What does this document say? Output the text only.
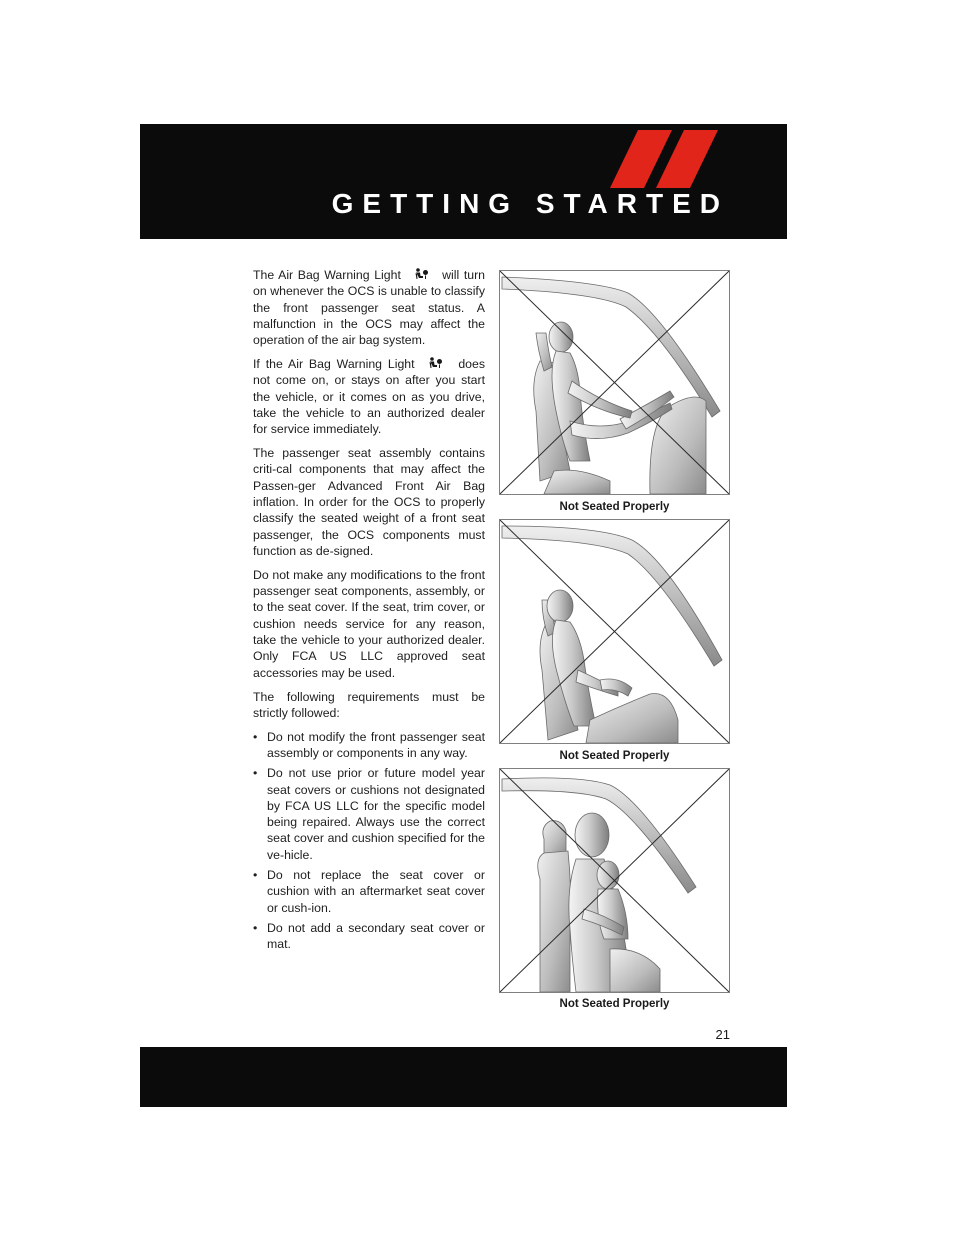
GETTING STARTED

The Air Bag Warning Light	will turn on whenever the OCS is unable to classify the front passenger seat status. A malfunction in the OCS may affect the operation of the air bag system.

If the Air Bag Warning Light	does not come on, or stays on after you start the vehicle, or it comes on as you drive, take the vehicle to an authorized dealer for service immediately.

The passenger seat assembly contains criti-cal components that may affect the Passen-ger Advanced Front Air Bag inflation. In order for the OCS to properly classify the seated weight of a front seat passenger, the OCS components must function as de-signed.

Do not make any modifications to the front passenger seat components, assembly, or to the seat cover. If the seat, trim cover, or cushion needs service for any reason, take the vehicle to your authorized dealer. Only FCA US LLC approved seat accessories may be used.

The following requirements must be strictly followed:

• Do not modify the front passenger seat assembly or components in any way.
• Do not use prior or future model year seat covers or cushions not designated by FCA US LLC for the specific model being repaired. Always use the correct seat cover and cushion specified for the ve-hicle.
• Do not replace the seat cover or cushion with an aftermarket seat cover or cush-ion.
• Do not add a secondary seat cover or mat.
Not Seated Properly
Not Seated Properly
Not Seated Properly
21
